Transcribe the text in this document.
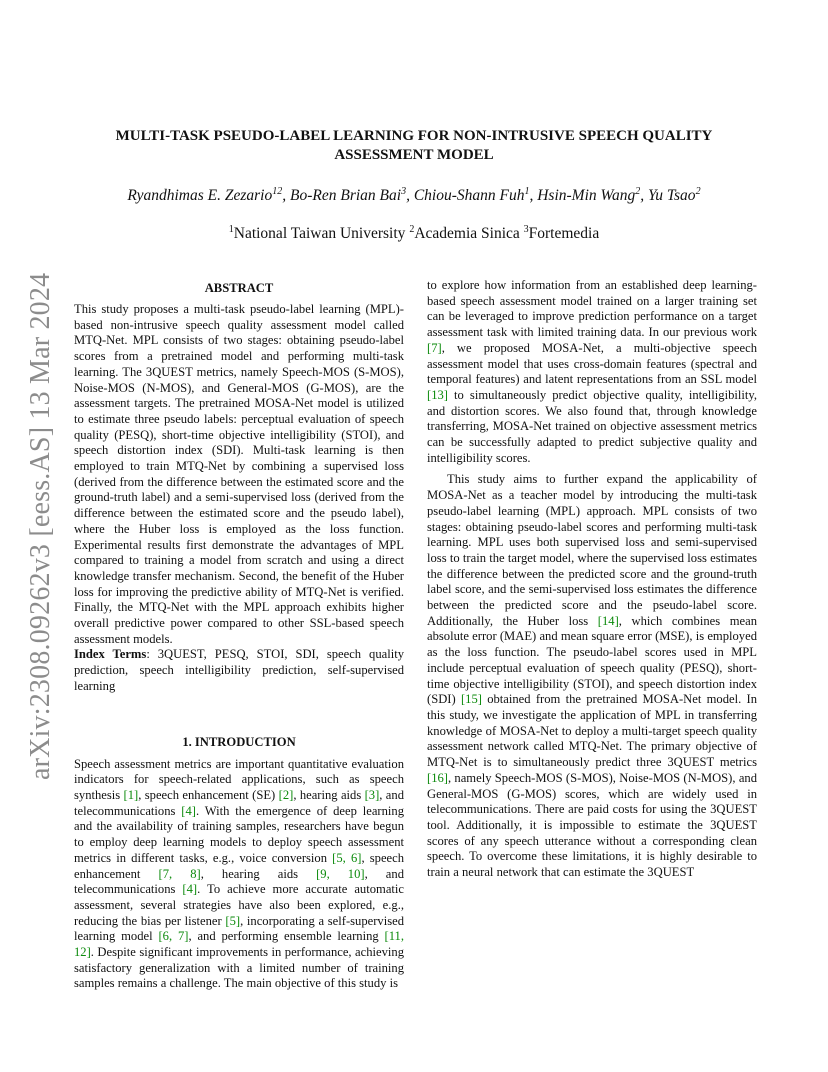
arXiv:2308.09262v3 [eess.AS] 13 Mar 2024
MULTI-TASK PSEUDO-LABEL LEARNING FOR NON-INTRUSIVE SPEECH QUALITY ASSESSMENT MODEL
Ryandhimas E. Zezario$^{12}$, Bo-Ren Brian Bai$^3$, Chiou-Shann Fuh$^1$, Hsin-Min Wang$^2$, Yu Tsao$^2$
$^1$National Taiwan University $^2$Academia Sinica $^3$Fortemedia
ABSTRACT

This study proposes a multi-task pseudo-label learning (MPL)-based non-intrusive speech quality assessment model called MTQ-Net. MPL consists of two stages: obtaining pseudo-label scores from a pretrained model and performing multi-task learning. The 3QUEST metrics, namely Speech-MOS (S-MOS), Noise-MOS (N-MOS), and General-MOS (G-MOS), are the assessment targets. The pretrained MOSA-Net model is utilized to estimate three pseudo labels: perceptual evaluation of speech quality (PESQ), short-time objective intelligibility (STOI), and speech distortion index (SDI). Multi-task learning is then employed to train MTQ-Net by combining a supervised loss (derived from the difference between the estimated score and the ground-truth label) and a semi-supervised loss (derived from the difference between the estimated score and the pseudo label), where the Huber loss is employed as the loss function. Experimental results first demonstrate the advantages of MPL compared to training a model from scratch and using a direct knowledge transfer mechanism. Second, the benefit of the Huber loss for improving the predictive ability of MTQ-Net is verified. Finally, the MTQ-Net with the MPL approach exhibits higher overall predictive power compared to other SSL-based speech assessment models.

Index Terms: 3QUEST, PESQ, STOI, SDI, speech quality prediction, speech intelligibility prediction, self-supervised learning

1. INTRODUCTION

Speech assessment metrics are important quantitative evaluation indicators for speech-related applications, such as speech synthesis [1], speech enhancement (SE) [2], hearing aids [3], and telecommunications [4]. With the emergence of deep learning and the availability of training samples, researchers have begun to employ deep learning models to deploy speech assessment metrics in different tasks, e.g., voice conversion [5, 6], speech enhancement [7, 8], hearing aids [9, 10], and telecommunications [4]. To achieve more accurate automatic assessment, several strategies have also been explored, e.g., reducing the bias per listener [5], incorporating a self-supervised learning model [6, 7], and performing ensemble learning [11, 12]. Despite significant improvements in performance, achieving satisfactory generalization with a limited number of training samples remains a challenge. The main objective of this study is

to explore how information from an established deep learning-based speech assessment model trained on a larger training set can be leveraged to improve prediction performance on a target assessment task with limited training data. In our previous work [7], we proposed MOSA-Net, a multi-objective speech assessment model that uses cross-domain features (spectral and temporal features) and latent representations from an SSL model [13] to simultaneously predict objective quality, intelligibility, and distortion scores. We also found that, through knowledge transferring, MOSA-Net trained on objective assessment metrics can be successfully adapted to predict subjective quality and intelligibility scores.

This study aims to further expand the applicability of MOSA-Net as a teacher model by introducing the multi-task pseudo-label learning (MPL) approach. MPL consists of two stages: obtaining pseudo-label scores and performing multi-task learning. MPL uses both supervised loss and semi-supervised loss to train the target model, where the supervised loss estimates the difference between the predicted score and the ground-truth label score, and the semi-supervised loss estimates the difference between the predicted score and the pseudo-label score. Additionally, the Huber loss [14], which combines mean absolute error (MAE) and mean square error (MSE), is employed as the loss function. The pseudo-label scores used in MPL include perceptual evaluation of speech quality (PESQ), short-time objective intelligibility (STOI), and speech distortion index (SDI) [15] obtained from the pretrained MOSA-Net model. In this study, we investigate the application of MPL in transferring knowledge of MOSA-Net to deploy a multi-target speech quality assessment network called MTQ-Net. The primary objective of MTQ-Net is to simultaneously predict three 3QUEST metrics [16], namely Speech-MOS (S-MOS), Noise-MOS (N-MOS), and General-MOS (G-MOS) scores, which are widely used in telecommunications. There are paid costs for using the 3QUEST tool. Additionally, it is impossible to estimate the 3QUEST scores of any speech utterance without a corresponding clean speech. To overcome these limitations, it is highly desirable to train a neural network that can estimate the 3QUEST
